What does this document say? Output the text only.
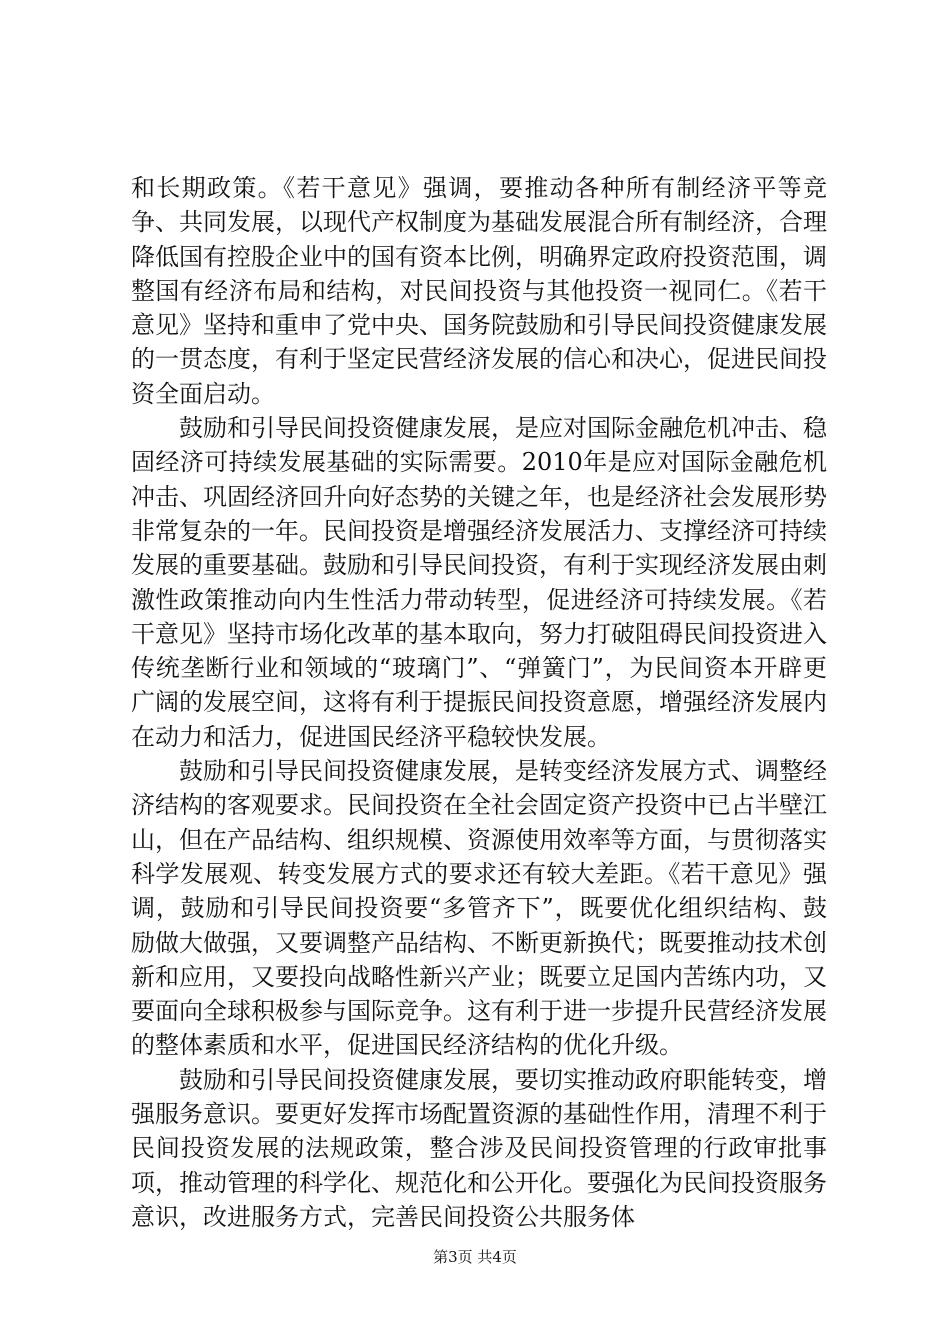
和长期政策。《若干意见》强调，要推动各种所有制经济平等竞争、共同发展，以现代产权制度为基础发展混合所有制经济，合理降低国有控股企业中的国有资本比例，明确界定政府投资范围，调整国有经济布局和结构，对民间投资与其他投资一视同仁。《若干意见》坚持和重申了党中央、国务院鼓励和引导民间投资健康发展的一贯态度，有利于坚定民营经济发展的信心和决心，促进民间投资全面启动。

鼓励和引导民间投资健康发展，是应对国际金融危机冲击、稳固经济可持续发展基础的实际需要。2010年是应对国际金融危机冲击、巩固经济回升向好态势的关键之年，也是经济社会发展形势非常复杂的一年。民间投资是增强经济发展活力、支撑经济可持续发展的重要基础。鼓励和引导民间投资，有利于实现经济发展由刺激性政策推动向内生性活力带动转型，促进经济可持续发展。《若干意见》坚持市场化改革的基本取向，努力打破阻碍民间投资进入传统垄断行业和领域的“玻璃门”、“弹簧门”，为民间资本开辟更广阔的发展空间，这将有利于提振民间投资意愿，增强经济发展内在动力和活力，促进国民经济平稳较快发展。

鼓励和引导民间投资健康发展，是转变经济发展方式、调整经济结构的客观要求。民间投资在全社会固定资产投资中已占半壁江山，但在产品结构、组织规模、资源使用效率等方面，与贯彻落实科学发展观、转变发展方式的要求还有较大差距。《若干意见》强调，鼓励和引导民间投资要“多管齐下”，既要优化组织结构、鼓励做大做强，又要调整产品结构、不断更新换代；既要推动技术创新和应用，又要投向战略性新兴产业；既要立足国内苦练内功，又要面向全球积极参与国际竞争。这有利于进一步提升民营经济发展的整体素质和水平，促进国民经济结构的优化升级。

鼓励和引导民间投资健康发展，要切实推动政府职能转变，增强服务意识。要更好发挥市场配置资源的基础性作用，清理不利于民间投资发展的法规政策，整合涉及民间投资管理的行政审批事项，推动管理的科学化、规范化和公开化。要强化为民间投资服务意识，改进服务方式，完善民间投资公共服务体

第3页 共4页
